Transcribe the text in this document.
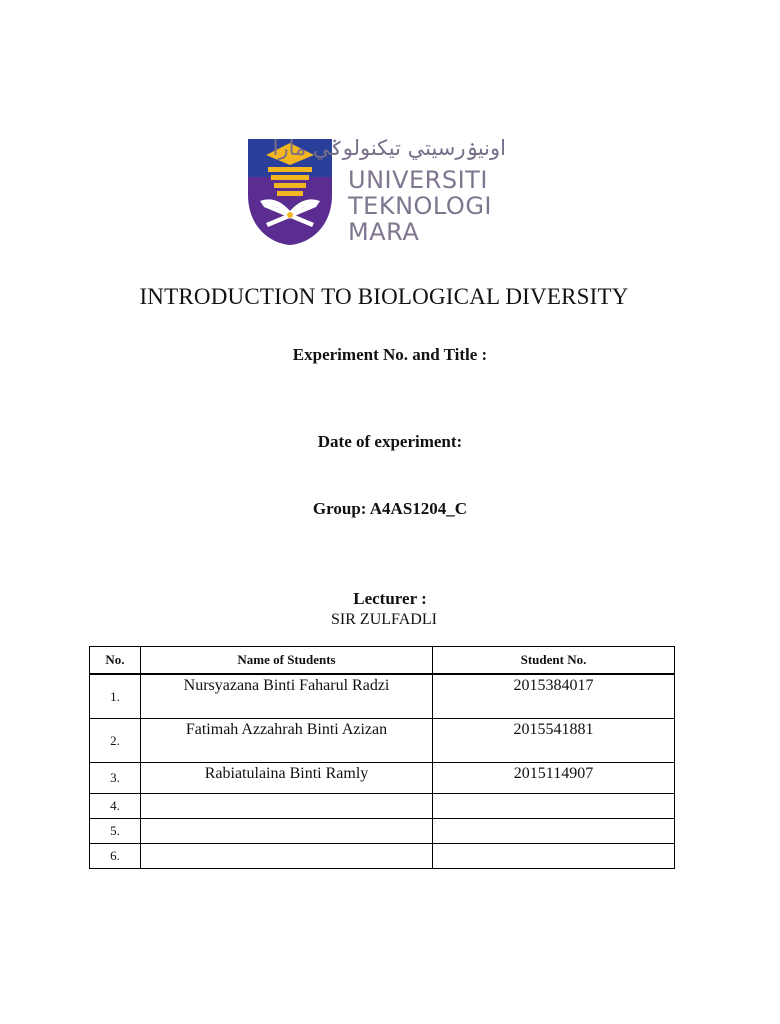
اونيۏرسيتي تيكنولوݢي مارا
UNIVERSITI
TEKNOLOGI
MARA
INTRODUCTION TO BIOLOGICAL DIVERSITY
Experiment No. and Title :
Date of experiment:
Group: A4AS1204_C
Lecturer :
SIR ZULFADLI
No.	Name of Students	Student No.
1.	Nursyazana Binti Faharul Radzi	2015384017
2.	Fatimah Azzahrah Binti Azizan	2015541881
3.	Rabiatulaina Binti Ramly	2015114907
4.		
5.		
6.		
